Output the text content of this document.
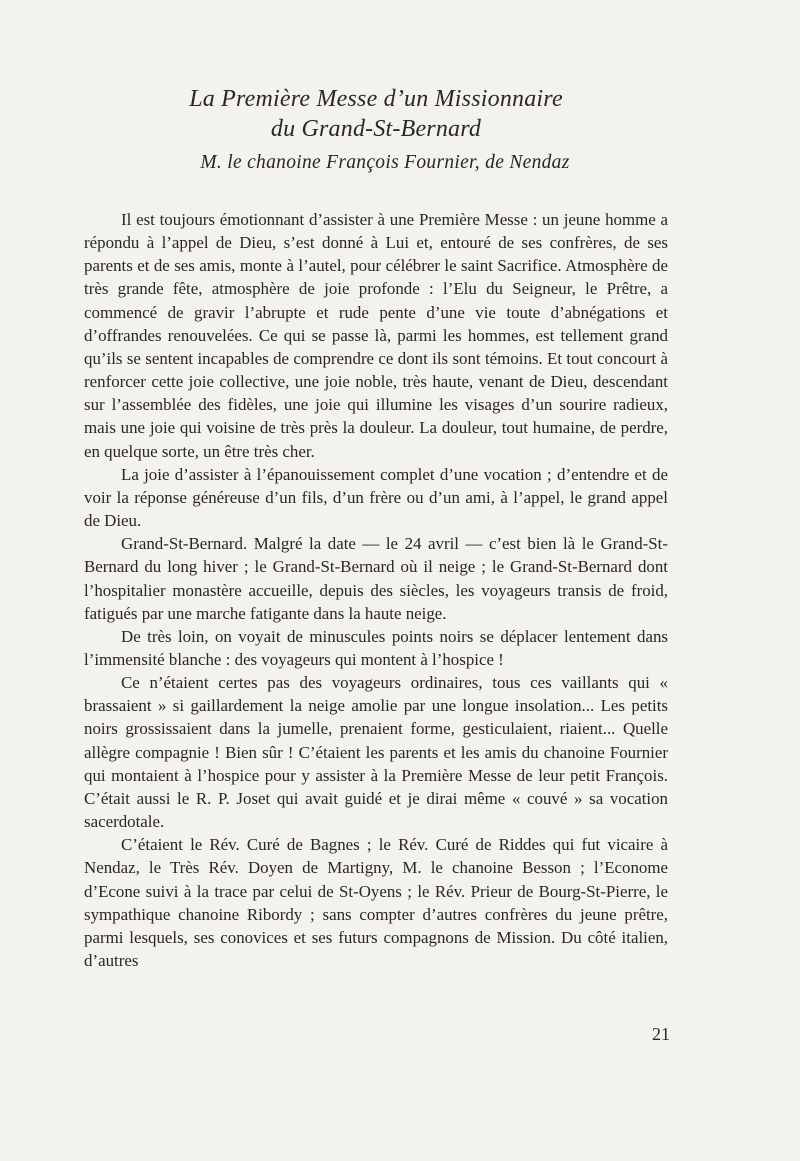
La Première Messe d’un Missionnaire
du Grand-St-Bernard
M. le chanoine François Fournier, de Nendaz

Il est toujours émotionnant d’assister à une Première Messe : un jeune homme a répondu à l’appel de Dieu, s’est donné à Lui et, entouré de ses confrères, de ses parents et de ses amis, monte à l’autel, pour célébrer le saint Sacrifice. Atmosphère de très grande fête, atmosphère de joie profonde : l’Elu du Seigneur, le Prêtre, a commencé de gravir l’abrupte et rude pente d’une vie toute d’abnégations et d’offrandes renouvelées. Ce qui se passe là, parmi les hommes, est tellement grand qu’ils se sentent incapables de comprendre ce dont ils sont témoins. Et tout concourt à renforcer cette joie collective, une joie noble, très haute, venant de Dieu, descendant sur l’assemblée des fidèles, une joie qui illumine les visages d’un sourire radieux, mais une joie qui voisine de très près la douleur. La douleur, tout humaine, de perdre, en quelque sorte, un être très cher.

La joie d’assister à l’épanouissement complet d’une vocation ; d’entendre et de voir la réponse généreuse d’un fils, d’un frère ou d’un ami, à l’appel, le grand appel de Dieu.

Grand-St-Bernard. Malgré la date — le 24 avril — c’est bien là le Grand-St-Bernard du long hiver ; le Grand-St-Bernard où il neige ; le Grand-St-Bernard dont l’hospitalier monastère accueille, depuis des siècles, les voyageurs transis de froid, fatigués par une marche fatigante dans la haute neige.

De très loin, on voyait de minuscules points noirs se déplacer lentement dans l’immensité blanche : des voyageurs qui montent à l’hospice !

Ce n’étaient certes pas des voyageurs ordinaires, tous ces vaillants qui « brassaient » si gaillardement la neige amolie par une longue insolation... Les petits noirs grossissaient dans la jumelle, prenaient forme, gesticulaient, riaient... Quelle allègre compagnie ! Bien sûr ! C’étaient les parents et les amis du chanoine Fournier qui montaient à l’hospice pour y assister à la Première Messe de leur petit François. C’était aussi le R. P. Joset qui avait guidé et je dirai même « couvé » sa vocation sacerdotale.

C’étaient le Rév. Curé de Bagnes ; le Rév. Curé de Riddes qui fut vicaire à Nendaz, le Très Rév. Doyen de Martigny, M. le chanoine Besson ; l’Econome d’Econe suivi à la trace par celui de St-Oyens ; le Rév. Prieur de Bourg-St-Pierre, le sympathique chanoine Ribordy ; sans compter d’autres confrères du jeune prêtre, parmi lesquels, ses conovices et ses futurs compagnons de Mission. Du côté italien, d’autres

21
